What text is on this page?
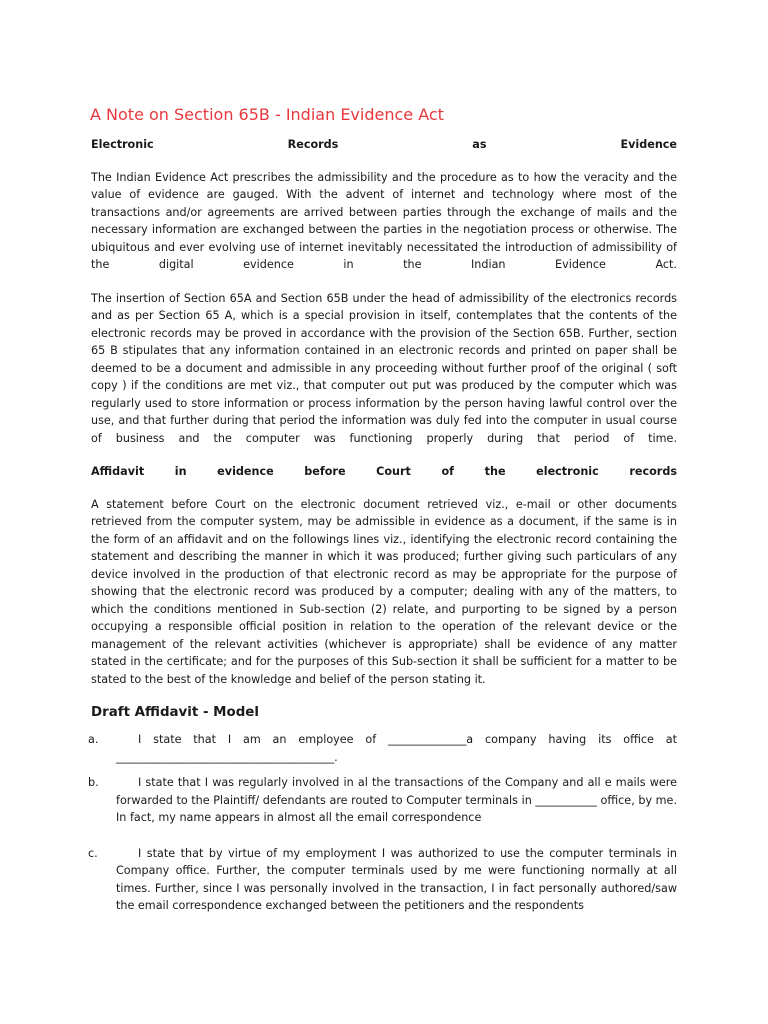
A Note on Section 65B - Indian Evidence Act
Electronic Records as Evidence

The Indian Evidence Act prescribes the admissibility and the procedure as to how the veracity and the value of evidence are gauged. With the advent of internet and technology where most of the transactions and/or agreements are arrived between parties through the exchange of mails and the necessary information are exchanged between the parties in the negotiation process or otherwise. The ubiquitous and ever evolving use of internet inevitably necessitated the introduction of admissibility of the digital evidence in the Indian Evidence Act.

The insertion of Section 65A and Section 65B under the head of admissibility of the electronics records and as per Section 65 A, which is a special provision in itself, contemplates that the contents of the electronic records may be proved in accordance with the provision of the Section 65B. Further, section 65 B stipulates that any information contained in an electronic records and printed on paper shall be deemed to be a document and admissible in any proceeding without further proof of the original ( soft copy ) if the conditions are met viz., that computer out put was produced by the computer which was regularly used to store information or process information by the person having lawful control over the use, and that further during that period the information was duly fed into the computer in usual course of business and the computer was functioning properly during that period of time.

Affidavit in evidence before Court of the electronic records

A statement before Court on the electronic document retrieved viz., e-mail or other documents retrieved from the computer system, may be admissible in evidence as a document, if the same is in the form of an affidavit and on the followings lines viz., identifying the electronic record containing the statement and describing the manner in which it was produced; further giving such particulars of any device involved in the production of that electronic record as may be appropriate for the purpose of showing that the electronic record was produced by a computer; dealing with any of the matters, to which the conditions mentioned in Sub-section (2) relate, and purporting to be signed by a person occupying a responsible official position in relation to the operation of the relevant device or the management of the relevant activities (whichever is appropriate) shall be evidence of any matter stated in the certificate; and for the purposes of this Sub-section it shall be sufficient for a matter to be stated to the best of the knowledge and belief of the person stating it.

Draft Affidavit - Model
a.	I state that I am an employee of ______________a company having its office at _______________________________________.
b.	I state that I was regularly involved in al the transactions of the Company and all e mails were forwarded to the Plaintiff/ defendants are routed to Computer terminals in ___________ office, by me. In fact, my name appears in almost all the email correspondence
c.	I state that by virtue of my employment I was authorized to use the computer terminals in Company office. Further, the computer terminals used by me were functioning normally at all times. Further, since I was personally involved in the transaction, I in fact personally authored/saw the email correspondence exchanged between the petitioners and the respondents
